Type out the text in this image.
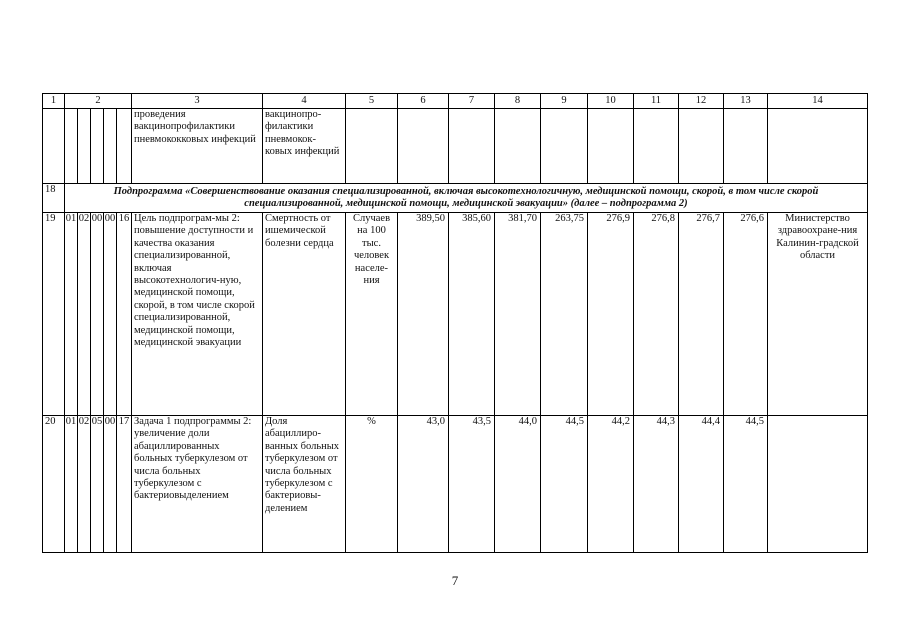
1	2					3	4	5	6	7	8	9	10	11	12	13	14
						проведения вакцинопрофилактики пневмококковых инфекций	вакцинопро-филактики пневмокок-ковых инфекций										
18	Подпрограмма «Совершенствование оказания специализированной, включая высокотехнологичную, медицинской помощи, скорой, в том числе скорой специализированной, медицинской помощи, медицинской эвакуации» (далее – подпрограмма 2)																
19	01	02	00	00	16	Цель подпрограм-мы 2: повышение доступности и качества оказания специализированной, включая высокотехнологич-ную, медицинской помощи, скорой, в том числе скорой специализированной, медицинской помощи, медицинской эвакуации	Смертность от ишемической болезни сердца	Случаев на 100 тыс. человек населе-ния	389,50	385,60	381,70	263,75	276,9	276,8	276,7	276,6	Министерство здравоохране-ния Калинин-градской области
20	01	02	05	00	17	Задача 1 подпрограммы 2: увеличение доли абациллированных больных туберкулезом от числа больных туберкулезом с бактериовыделением	Доля абациллиро-ванных больных туберкулезом от числа больных туберкулезом с бактериовы-делением	%	43,0	43,5	44,0	44,5	44,2	44,3	44,4	44,5	
7
